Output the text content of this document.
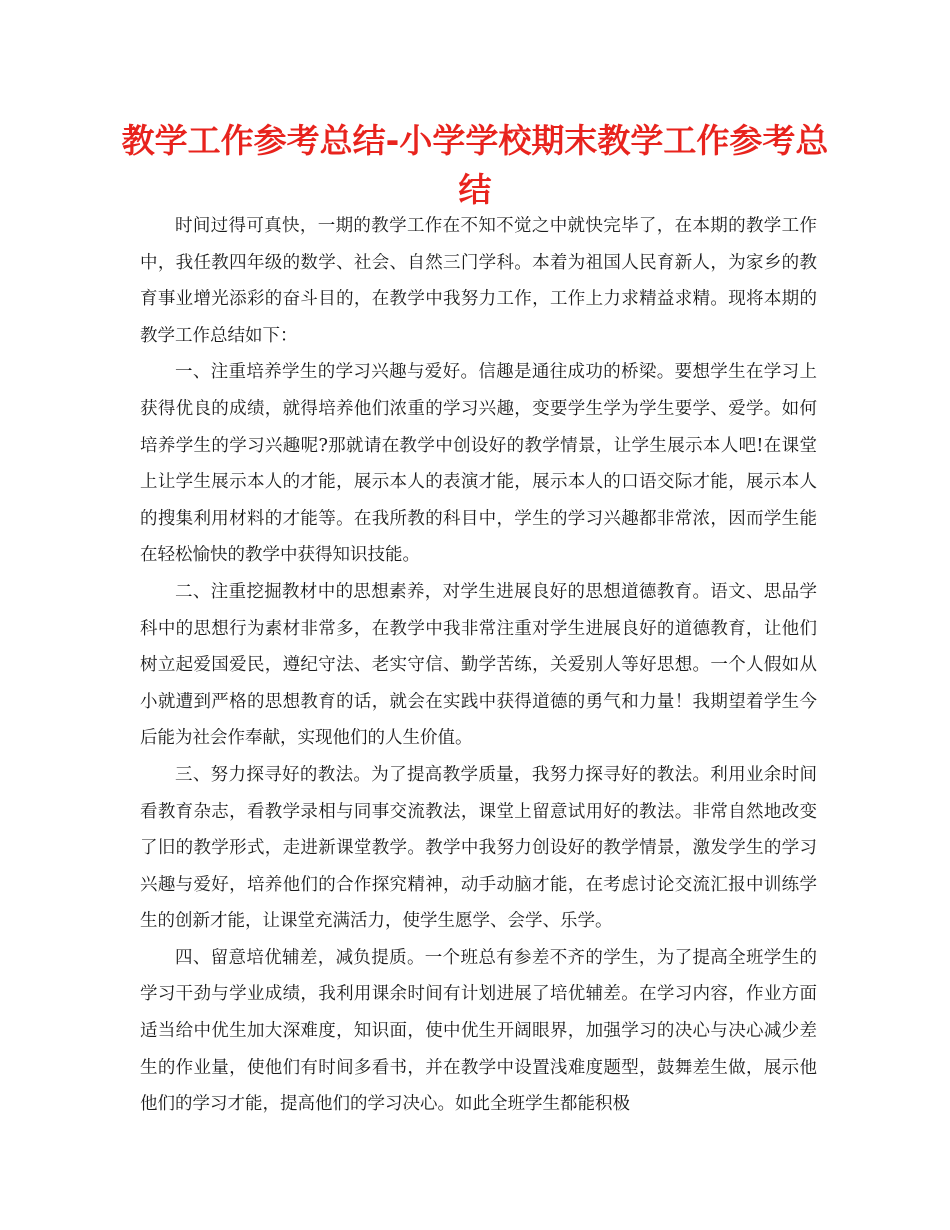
教学工作参考总结-小学学校期末教学工作参考总结

时间过得可真快，一期的教学工作在不知不觉之中就快完毕了，在本期的教学工作中，我任教四年级的数学、社会、自然三门学科。本着为祖国人民育新人，为家乡的教育事业增光添彩的奋斗目的，在教学中我努力工作，工作上力求精益求精。现将本期的教学工作总结如下：

一、注重培养学生的学习兴趣与爱好。信趣是通往成功的桥梁。要想学生在学习上获得优良的成绩，就得培养他们浓重的学习兴趣，变要学生学为学生要学、爱学。如何培养学生的学习兴趣呢?那就请在教学中创设好的教学情景，让学生展示本人吧!在课堂上让学生展示本人的才能，展示本人的表演才能，展示本人的口语交际才能，展示本人的搜集利用材料的才能等。在我所教的科目中，学生的学习兴趣都非常浓，因而学生能在轻松愉快的教学中获得知识技能。

二、注重挖掘教材中的思想素养，对学生进展良好的思想道德教育。语文、思品学科中的思想行为素材非常多，在教学中我非常注重对学生进展良好的道德教育，让他们树立起爱国爱民，遵纪守法、老实守信、勤学苦练，关爱别人等好思想。一个人假如从小就遭到严格的思想教育的话，就会在实践中获得道德的勇气和力量！我期望着学生今后能为社会作奉献，实现他们的人生价值。

三、努力探寻好的教法。为了提高教学质量，我努力探寻好的教法。利用业余时间看教育杂志，看教学录相与同事交流教法，课堂上留意试用好的教法。非常自然地改变了旧的教学形式，走进新课堂教学。教学中我努力创设好的教学情景，激发学生的学习兴趣与爱好，培养他们的合作探究精神，动手动脑才能，在考虑讨论交流汇报中训练学生的创新才能，让课堂充满活力，使学生愿学、会学、乐学。

四、留意培优辅差，减负提质。一个班总有参差不齐的学生，为了提高全班学生的学习干劲与学业成绩，我利用课余时间有计划进展了培优辅差。在学习内容，作业方面适当给中优生加大深难度，知识面，使中优生开阔眼界，加强学习的决心与决心减少差生的作业量，使他们有时间多看书，并在教学中设置浅难度题型，鼓舞差生做，展示他他们的学习才能，提高他们的学习决心。如此全班学生都能积极
